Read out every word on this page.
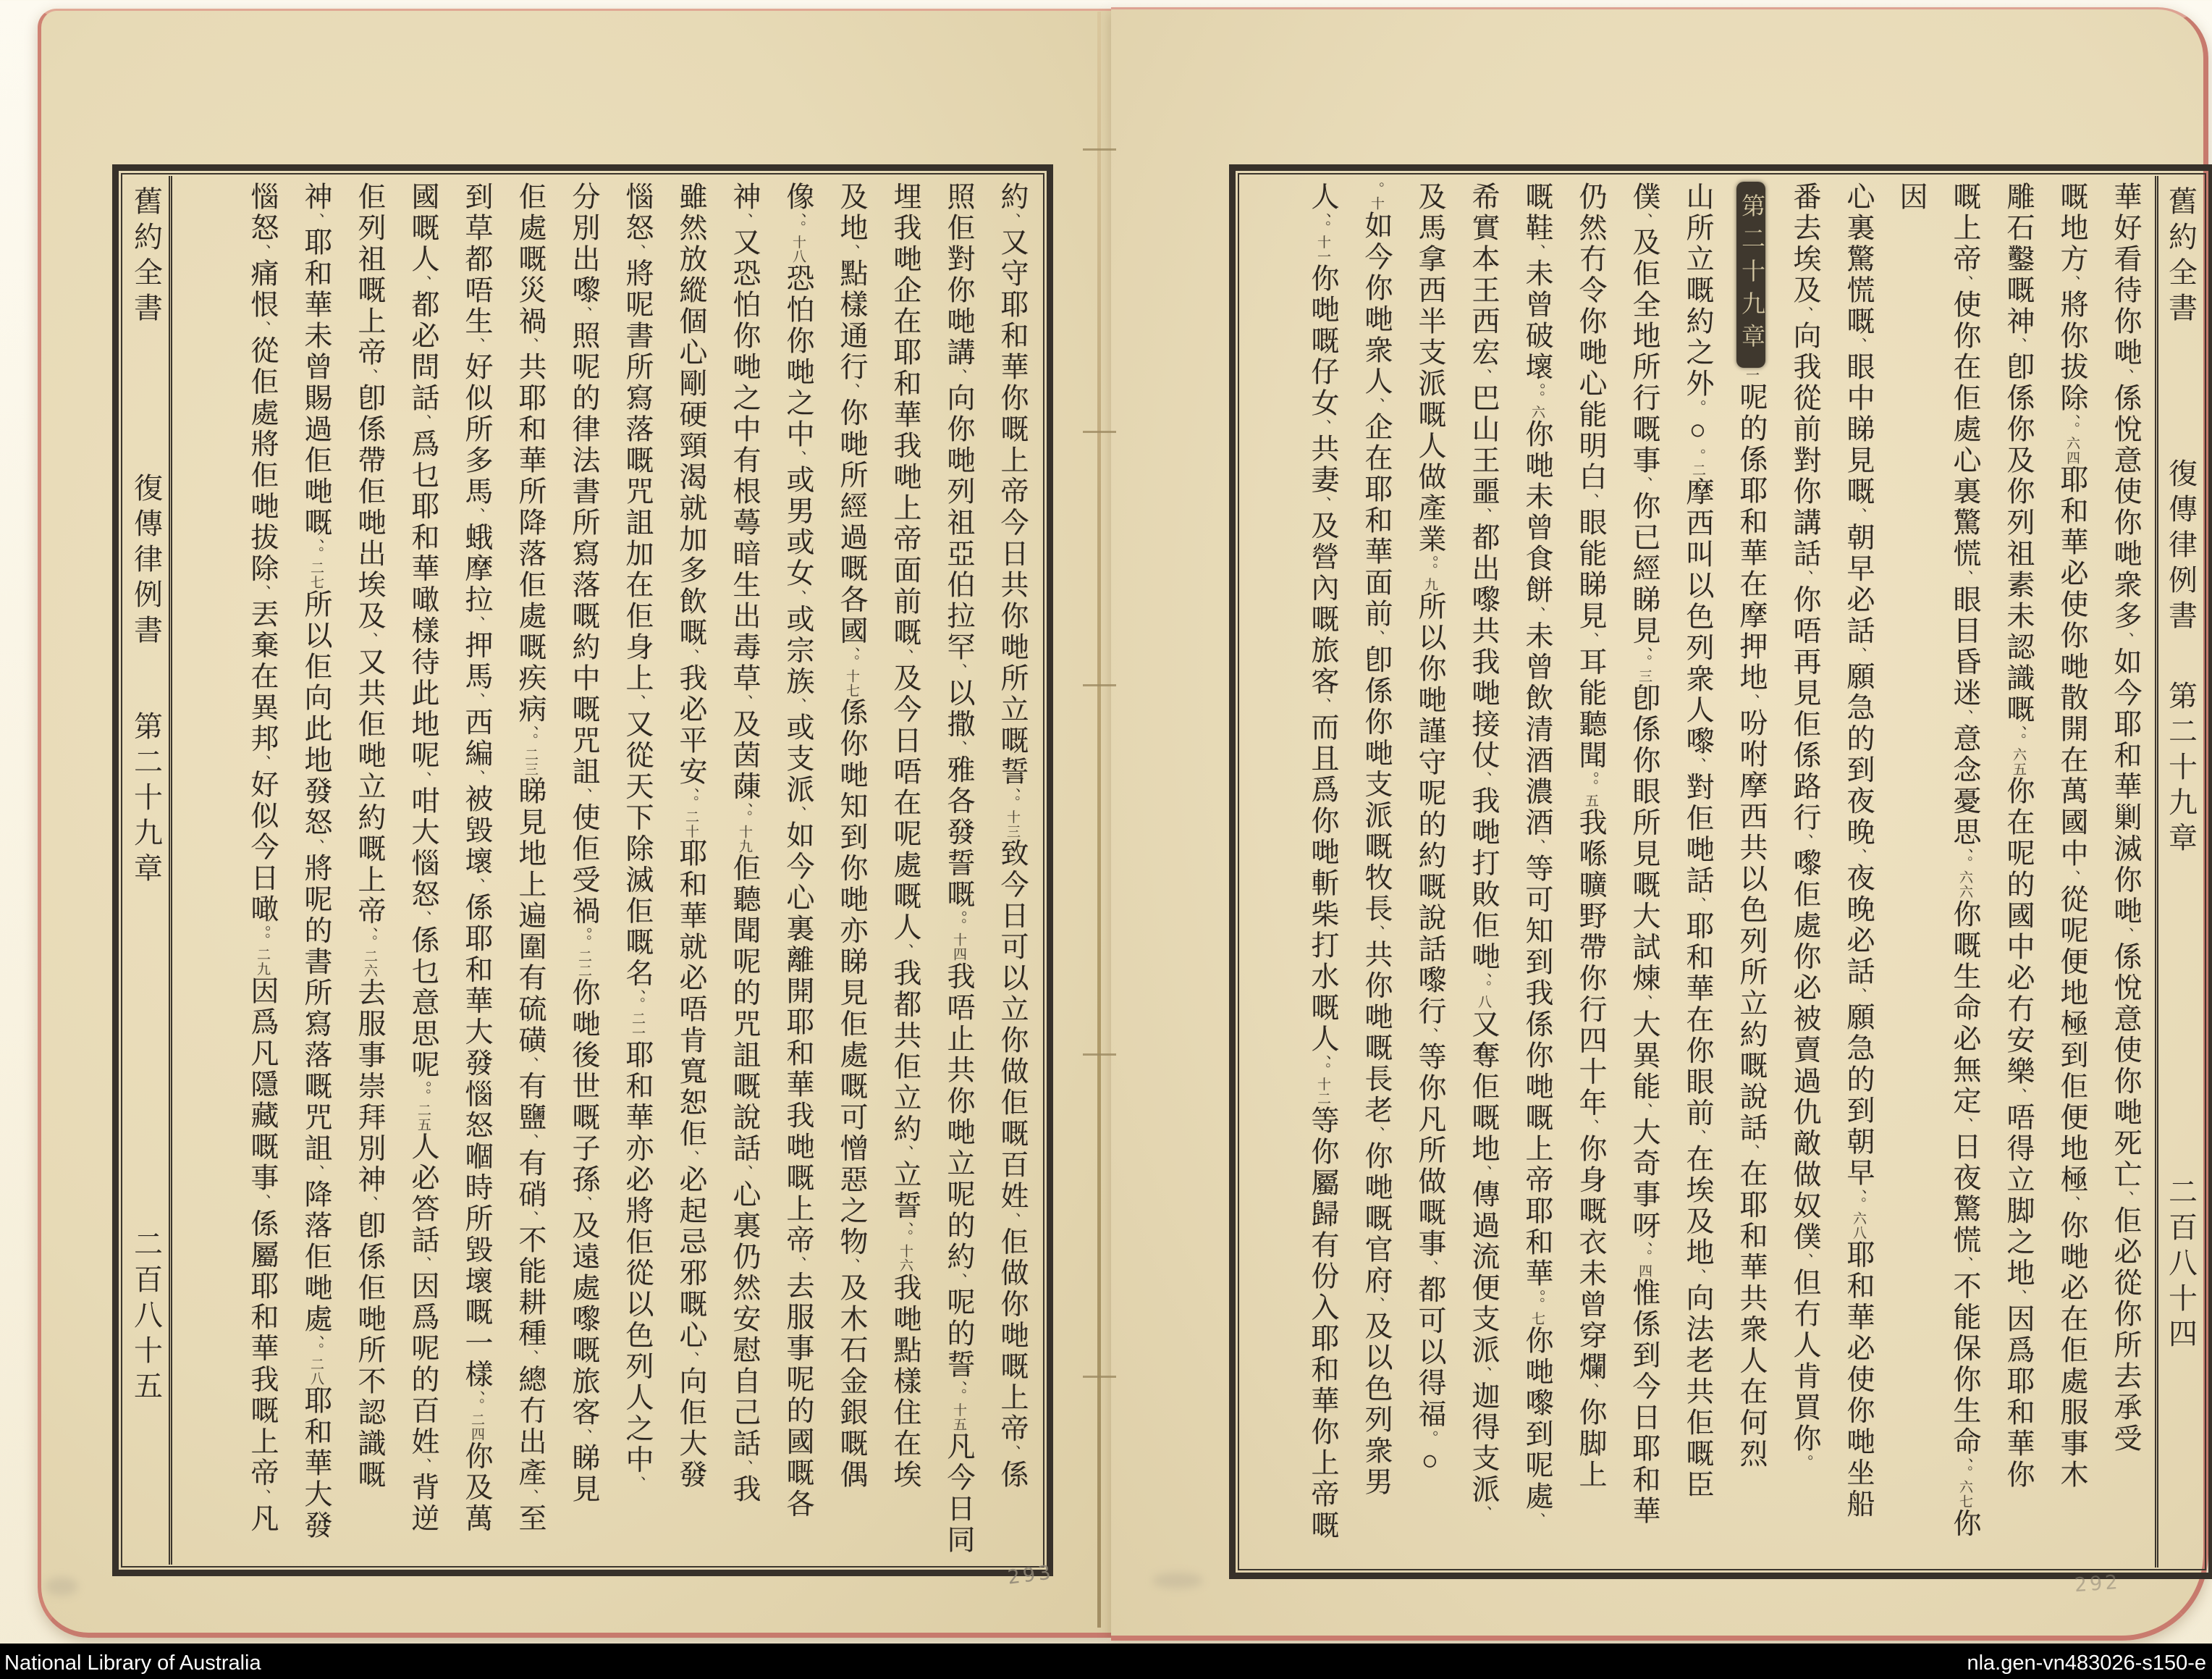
舊約全書
復傳律例書
第二十九章
二百八十五
約、又守耶和華你嘅上帝今日共你哋所立嘅誓、。十三致今日可以立你做佢嘅百姓、佢做你哋嘅上帝、係
照佢對你哋講、向你哋列祖亞伯拉罕、以撒、雅各發誓嘅。。十四我唔止共你哋立呢的約、呢的誓、。十五凡今日同
埋我哋企在耶和華我哋上帝面前嘅、及今日唔在呢處嘅人、我都共佢立約、立誓、。十六我哋點樣住在埃
及地、點樣通行、你哋所經過嘅各國、。十七係你哋知到你哋亦睇見佢處嘅可憎惡之物、及木石金銀嘅偶
像、。十八恐怕你哋之中、或男或女、或宗族、或支派、如今心裏離開耶和華我哋嘅上帝、去服事呢的國嘅各
神、又恐怕你哋之中有根蕚暗生出毒草、及茵蔯、。十九佢聽聞呢的咒詛嘅說話、心裏仍然安慰自己話、我
雖然放縱個心剛硬頸渴就加多飲嘅、我必平安、。二十耶和華就必唔肯寬恕佢、必起忌邪嘅心、向佢大發
惱怒、將呢書所寫落嘅咒詛加在佢身上、又從天下除滅佢嘅名、。二一耶和華亦必將佢從以色列人之中、
分別出嚟、照呢的律法書所寫落嘅約中嘅咒詛、使佢受禍。。二二你哋後世嘅子孫、及遠處嚟嘅旅客、睇見
佢處嘅災禍、共耶和華所降落佢處嘅疾病、。二三睇見地上遍圍有硫磺、有鹽、有硝、不能耕種、總冇出產、至
到草都唔生、好似所多馬、蛾摩拉、押馬、西編、被毀壞、係耶和華大發惱怒嗰時所毀壞嘅一樣、。二四你及萬
國嘅人、都必問話、爲乜耶和華噉樣待此地呢、咁大惱怒、係乜意思呢。。二五人必答話、因爲呢的百姓、背逆
佢列祖嘅上帝、卽係帶佢哋出埃及、又共佢哋立約嘅上帝、。二六去服事崇拜別神、卽係佢哋所不認識嘅
神、耶和華未曾賜過佢哋嘅、。二七所以佢向此地發怒、將呢的書所寫落嘅咒詛、降落佢哋處、。二八耶和華大發
惱怒、痛恨、從佢處將佢哋拔除、丟棄在異邦、好似今日噉。。二九因爲凡隱藏嘅事、係屬耶和華我嘅上帝、凡
華好看待你哋、係悅意使你哋衆多、如今耶和華剿滅你哋、係悅意使你哋死亡、佢必從你所去承受
嘅地方、將你拔除、。六四耶和華必使你哋散開在萬國中、從呢便地極到佢便地極、你哋必在佢處服事木
雕石鑿嘅神、卽係你及你列祖素未認識嘅、。六五你在呢的國中必冇安樂、唔得立脚之地、因爲耶和華你
嘅上帝、使你在佢處心裏驚慌、眼目昏迷、意念憂思、。六六你嘅生命必無定、日夜驚慌、不能保你生命、。六七你因
心裏驚慌嘅、眼中睇見嘅、朝早必話、願急的到夜晚、夜晚必話、願急的到朝早、。六八耶和華必使你哋坐船
番去埃及、向我從前對你講話、你唔再見佢係路行、嚟佢處你必被賣過仇敵做奴僕、但冇人肯買你。
第二十九章一呢的係耶和華在摩押地、吩咐摩西共以色列所立約嘅說話、在耶和華共衆人在何烈
山所立嘅約之外。○。二摩西叫以色列衆人嚟、對佢哋話、耶和華在你眼前、在埃及地、向法老共佢嘅臣
僕、及佢全地所行嘅事、你已經睇見、。三卽係你眼所見嘅大試煉、大異能、大奇事呀、。四惟係到今日耶和華
仍然冇令你哋心能明白、眼能睇見、耳能聽聞。。五我喺曠野帶你行四十年、你身嘅衣未曾穿爛、你脚上
嘅鞋、未曾破壞。。六你哋未曾食餅、未曾飲清酒濃酒、等可知到我係你哋嘅上帝耶和華。。七你哋嚟到呢處、
希實本王西宏、巴山王噩、都出嚟共我哋接仗、我哋打敗佢哋、。八又奪佢嘅地、傳過流便支派、迦得支派、
及馬拿西半支派嘅人做產業。。九所以你哋謹守呢的約嘅說話嚟行、等你凡所做嘅事、都可以得福。○
。十如今你哋衆人、企在耶和華面前、卽係你哋支派嘅牧長、共你哋嘅長老、你哋嘅官府、及以色列衆男
人、。十一你哋嘅仔女、共妻、及營內嘅旅客、而且爲你哋斬柴打水嘅人、。十二等你屬歸有份入耶和華你上帝嘅
舊約全書
復傳律例書
第二十九章
二百八十四
293	292
National Library of Australia	nla.gen-vn483026-s150-e
